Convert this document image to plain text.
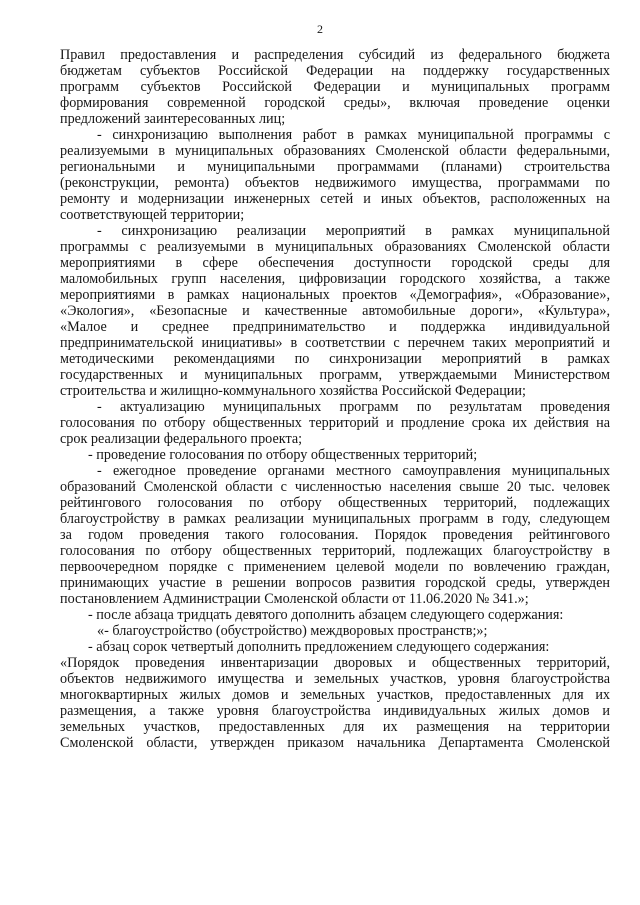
2
Правил предоставления и распределения субсидий из федерального бюджета
бюджетам субъектов Российской Федерации на поддержку государственных
программ субъектов Российской Федерации и муниципальных программ
формирования современной городской среды», включая проведение оценки
предложений заинтересованных лиц;
- синхронизацию выполнения работ в рамках муниципальной программы с
реализуемыми в муниципальных образованиях Смоленской области федеральными,
региональными и муниципальными программами (планами) строительства
(реконструкции, ремонта) объектов недвижимого имущества, программами по
ремонту и модернизации инженерных сетей и иных объектов, расположенных на
соответствующей территории;
- синхронизацию реализации мероприятий в рамках муниципальной
программы с реализуемыми в муниципальных образованиях Смоленской области
мероприятиями в сфере обеспечения доступности городской среды для
маломобильных групп населения, цифровизации городского хозяйства, а также
мероприятиями в рамках национальных проектов «Демография», «Образование»,
«Экология», «Безопасные и качественные автомобильные дороги», «Культура»,
«Малое и среднее предпринимательство и поддержка индивидуальной
предпринимательской инициативы» в соответствии с перечнем таких мероприятий и
методическими рекомендациями по синхронизации мероприятий в рамках
государственных и муниципальных программ, утверждаемыми Министерством
строительства и жилищно-коммунального хозяйства Российской Федерации;
- актуализацию муниципальных программ по результатам проведения
голосования по отбору общественных территорий и продление срока их действия на
срок реализации федерального проекта;
- проведение голосования по отбору общественных территорий;
- ежегодное проведение органами местного самоуправления муниципальных
образований Смоленской области с численностью населения свыше 20 тыс. человек
рейтингового голосования по отбору общественных территорий, подлежащих
благоустройству в рамках реализации муниципальных программ в году, следующем
за годом проведения такого голосования. Порядок проведения рейтингового
голосования по отбору общественных территорий, подлежащих благоустройству в
первоочередном порядке с применением целевой модели по вовлечению граждан,
принимающих участие в решении вопросов развития городской среды, утвержден
постановлением Администрации Смоленской области от 11.06.2020 № 341.»;
- после абзаца тридцать девятого дополнить абзацем следующего содержания:
«- благоустройство (обустройство) междворовых пространств;»;
- абзац сорок четвертый дополнить предложением следующего содержания:
«Порядок проведения инвентаризации дворовых и общественных территорий,
объектов недвижимого имущества и земельных участков, уровня благоустройства
многоквартирных жилых домов и земельных участков, предоставленных для их
размещения, а также уровня благоустройства индивидуальных жилых домов и
земельных участков, предоставленных для их размещения на территории
Смоленской области, утвержден приказом начальника Департамента Смоленской
